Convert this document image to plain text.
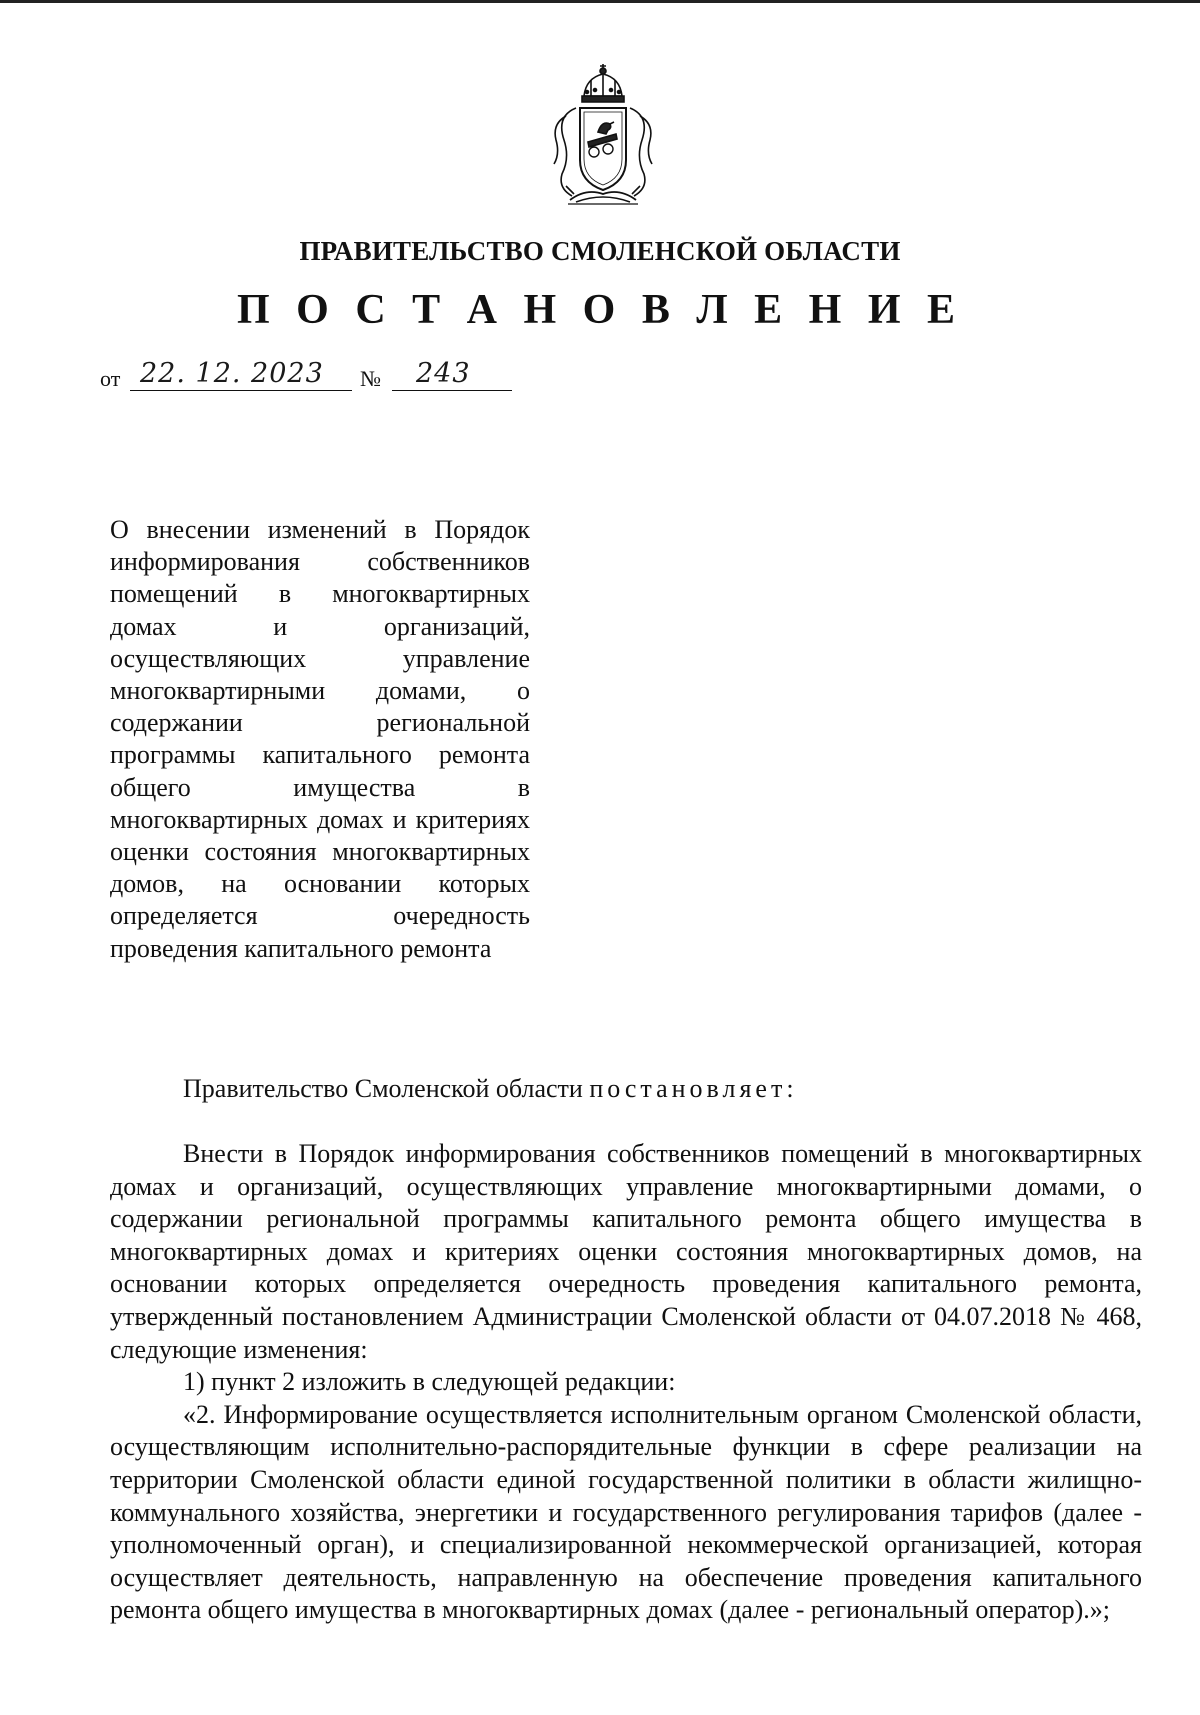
ПРАВИТЕЛЬСТВО СМОЛЕНСКОЙ ОБЛАСТИ
П О С Т А Н О В Л Е Н И Е
от 22. 12. 2023 № 243
О внесении изменений в Порядок информирования собственников помещений в многоквартирных домах и организаций, осуществляющих управление многоквартирными домами, о содержании региональной программы капитального ремонта общего имущества в многоквартирных домах и критериях оценки состояния многоквартирных домов, на основании которых определяется очередность проведения капитального ремонта
Правительство Смоленской области постановляет:

Внести в Порядок информирования собственников помещений в многоквартирных домах и организаций, осуществляющих управление многоквартирными домами, о содержании региональной программы капитального ремонта общего имущества в многоквартирных домах и критериях оценки состояния многоквартирных домов, на основании которых определяется очередность проведения капитального ремонта, утвержденный постановлением Администрации Смоленской области от 04.07.2018 № 468, следующие изменения:

1) пункт 2 изложить в следующей редакции:

«2. Информирование осуществляется исполнительным органом Смоленской области, осуществляющим исполнительно-распорядительные функции в сфере реализации на территории Смоленской области единой государственной политики в области жилищно-коммунального хозяйства, энергетики и государственного регулирования тарифов (далее - уполномоченный орган), и специализированной некоммерческой организацией, которая осуществляет деятельность, направленную на обеспечение проведения капитального ремонта общего имущества в многоквартирных домах (далее - региональный оператор).»;
